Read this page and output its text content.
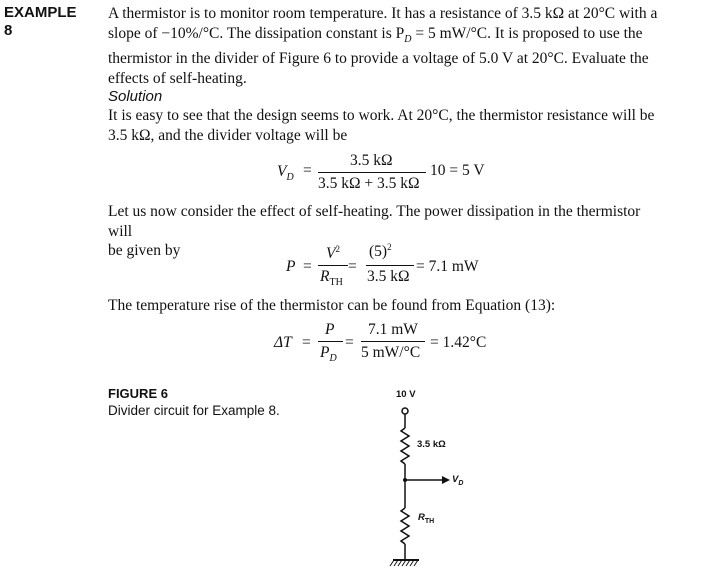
EXAMPLE
8
A thermistor is to monitor room temperature. It has a resistance of 3.5 kΩ at 20°C with a
slope of −10%/°C. The dissipation constant is $P_D = 5$ mW/°C. It is proposed to use the
thermistor in the divider of Figure 6 to provide a voltage of 5.0 V at 20°C. Evaluate the
effects of self-heating.
Solution
It is easy to see that the design seems to work. At 20°C, the thermistor resistance will be
3.5 kΩ, and the divider voltage will be
$V_D$ =
3.5 kΩ
3.5 kΩ + 3.5 kΩ
10 = 5 V
Let us now consider the effect of self-heating. The power dissipation in the thermistor will
be given by
P =
$V^2$
$R_{TH}$
=
$(5)^2$
3.5 kΩ
= 7.1 mW
The temperature rise of the thermistor can be found from Equation (13):
ΔT =
P
$P_D$
=
7.1 mW
5 mW/°C
= 1.42°C
FIGURE 6
Divider circuit for Example 8.
10 V
3.5 kΩ
$V_D$
$R_{TH}$
